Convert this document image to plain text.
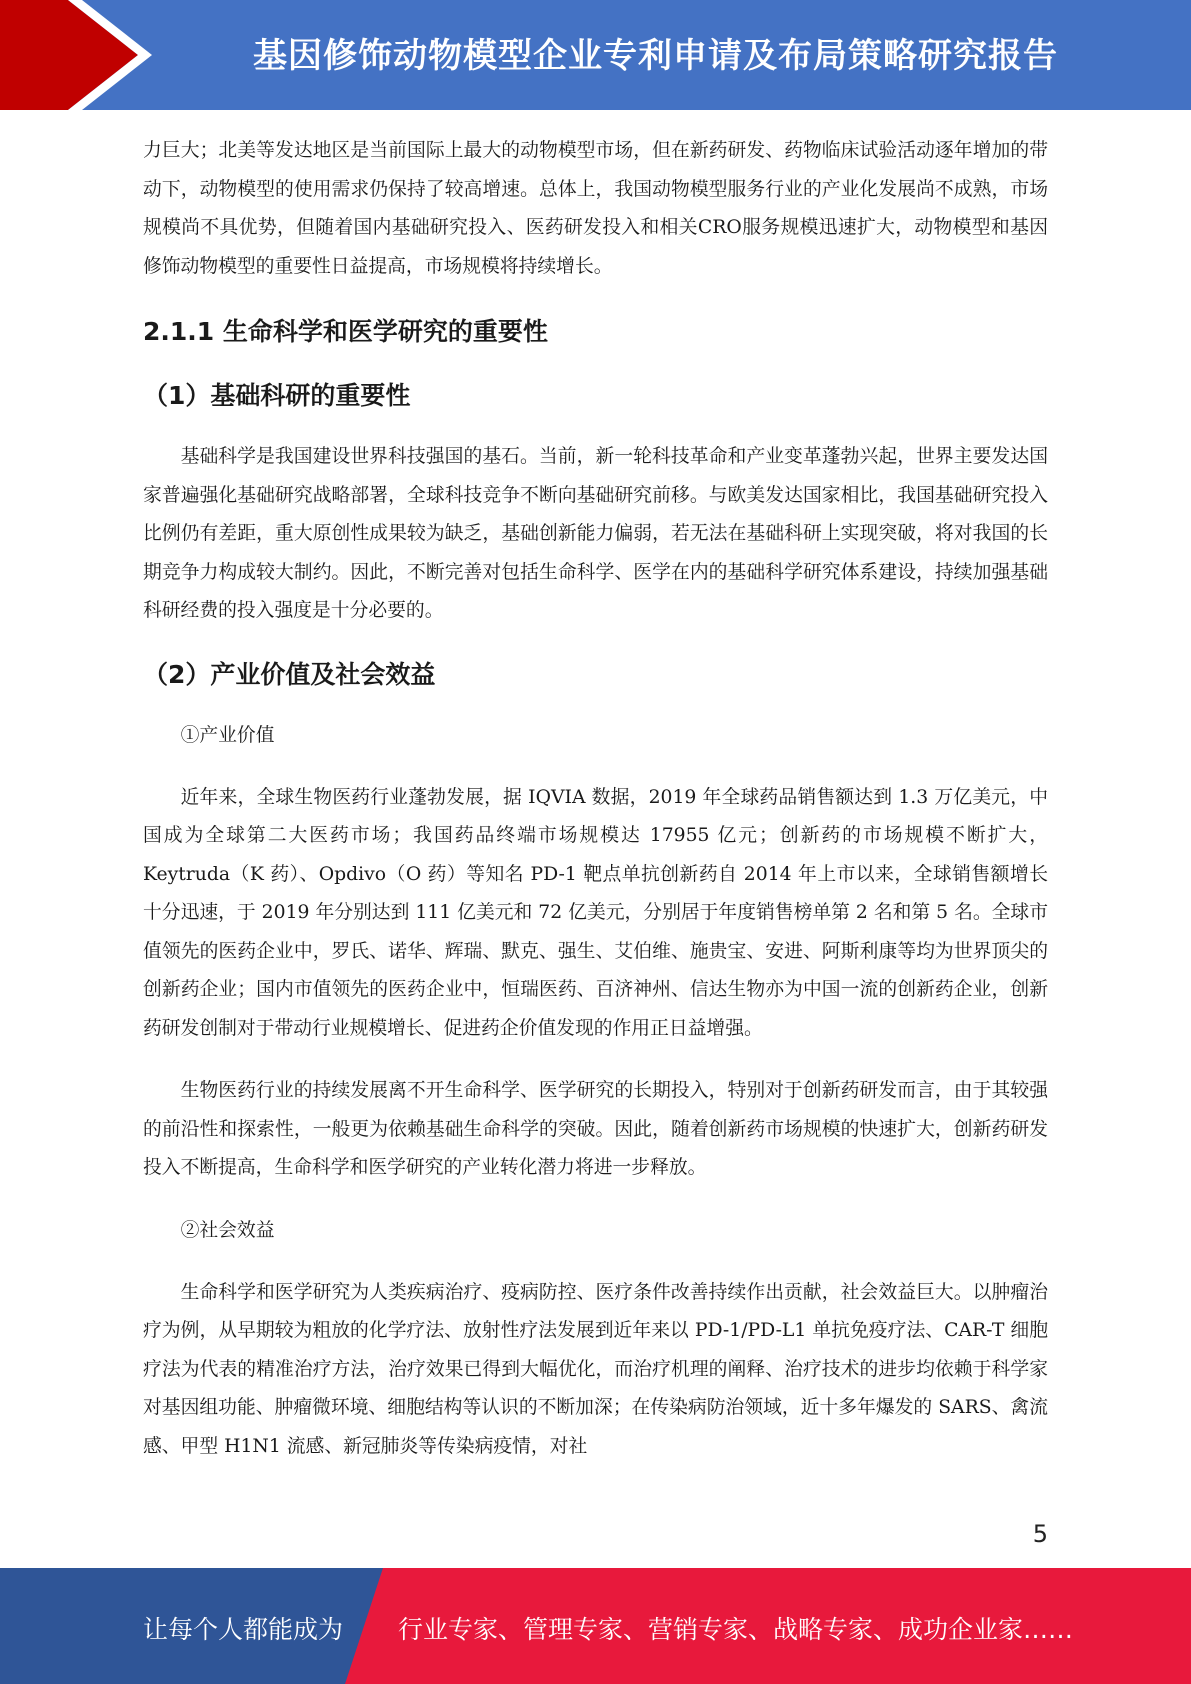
基因修饰动物模型企业专利申请及布局策略研究报告

力巨大；北美等发达地区是当前国际上最大的动物模型市场，但在新药研发、药物临床试验活动逐年增加的带动下，动物模型的使用需求仍保持了较高增速。总体上，我国动物模型服务行业的产业化发展尚不成熟，市场规模尚不具优势，但随着国内基础研究投入、医药研发投入和相关CRO服务规模迅速扩大，动物模型和基因修饰动物模型的重要性日益提高，市场规模将持续增长。

2.1.1 生命科学和医学研究的重要性
（1）基础科研的重要性

基础科学是我国建设世界科技强国的基石。当前，新一轮科技革命和产业变革蓬勃兴起，世界主要发达国家普遍强化基础研究战略部署，全球科技竞争不断向基础研究前移。与欧美发达国家相比，我国基础研究投入比例仍有差距，重大原创性成果较为缺乏，基础创新能力偏弱，若无法在基础科研上实现突破，将对我国的长期竞争力构成较大制约。因此，不断完善对包括生命科学、医学在内的基础科学研究体系建设，持续加强基础科研经费的投入强度是十分必要的。

（2）产业价值及社会效益

①产业价值

近年来，全球生物医药行业蓬勃发展，据 IQVIA 数据，2019 年全球药品销售额达到 1.3 万亿美元，中国成为全球第二大医药市场；我国药品终端市场规模达 17955 亿元；创新药的市场规模不断扩大，Keytruda（K 药）、Opdivo（O 药）等知名 PD-1 靶点单抗创新药自 2014 年上市以来，全球销售额增长十分迅速，于 2019 年分别达到 111 亿美元和 72 亿美元，分别居于年度销售榜单第 2 名和第 5 名。全球市值领先的医药企业中，罗氏、诺华、辉瑞、默克、强生、艾伯维、施贵宝、安进、阿斯利康等均为世界顶尖的创新药企业；国内市值领先的医药企业中，恒瑞医药、百济神州、信达生物亦为中国一流的创新药企业，创新药研发创制对于带动行业规模增长、促进药企价值发现的作用正日益增强。

生物医药行业的持续发展离不开生命科学、医学研究的长期投入，特别对于创新药研发而言，由于其较强的前沿性和探索性，一般更为依赖基础生命科学的突破。因此，随着创新药市场规模的快速扩大，创新药研发投入不断提高，生命科学和医学研究的产业转化潜力将进一步释放。

②社会效益

生命科学和医学研究为人类疾病治疗、疫病防控、医疗条件改善持续作出贡献，社会效益巨大。以肿瘤治疗为例，从早期较为粗放的化学疗法、放射性疗法发展到近年来以 PD-1/PD-L1 单抗免疫疗法、CAR-T 细胞疗法为代表的精准治疗方法，治疗效果已得到大幅优化，而治疗机理的阐释、治疗技术的进步均依赖于科学家对基因组功能、肿瘤微环境、细胞结构等认识的不断加深；在传染病防治领域，近十多年爆发的 SARS、禽流感、甲型 H1N1 流感、新冠肺炎等传染病疫情，对社

5
让每个人都能成为 行业专家、管理专家、营销专家、战略专家、成功企业家……
